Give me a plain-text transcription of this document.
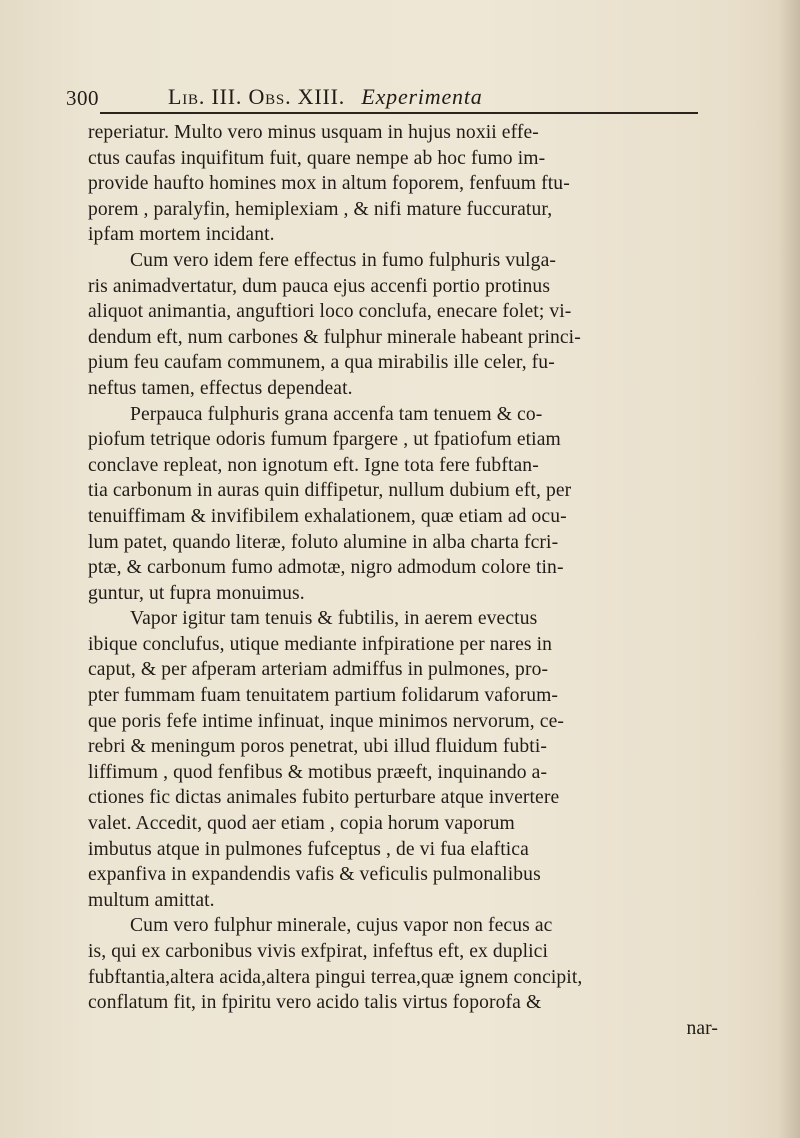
300	Lib. III. Obs. XIII. Experimenta
reperiatur. Multo vero minus usquam in hujus noxii effe-
ctus caufas inquifitum fuit, quare nempe ab hoc fumo im-
provide haufto homines mox in altum foporem, fenfuum ftu-
porem , paralyfin, hemiplexiam , & nifi mature fuccuratur,
ipfam mortem incidant.
Cum vero idem fere effectus in fumo fulphuris vulga-
ris animadvertatur, dum pauca ejus accenfi portio protinus
aliquot animantia, anguftiori loco conclufa, enecare folet; vi-
dendum eft, num carbones & fulphur minerale habeant princi-
pium feu caufam communem, a qua mirabilis ille celer, fu-
neftus tamen, effectus dependeat.
Perpauca fulphuris grana accenfa tam tenuem & co-
piofum tetrique odoris fumum fpargere , ut fpatiofum etiam
conclave repleat, non ignotum eft. Igne tota fere fubftan-
tia carbonum in auras quin diffipetur, nullum dubium eft, per
tenuiffimam & invifibilem exhalationem, quæ etiam ad ocu-
lum patet, quando literæ, foluto alumine in alba charta fcri-
ptæ, & carbonum fumo admotæ, nigro admodum colore tin-
guntur, ut fupra monuimus.
Vapor igitur tam tenuis & fubtilis, in aerem evectus
ibique conclufus, utique mediante infpiratione per nares in
caput, & per afperam arteriam admiffus in pulmones, pro-
pter fummam fuam tenuitatem partium folidarum vaforum-
que poris fefe intime infinuat, inque minimos nervorum, ce-
rebri & meningum poros penetrat, ubi illud fluidum fubti-
liffimum , quod fenfibus & motibus præeft, inquinando a-
ctiones fic dictas animales fubito perturbare atque invertere
valet. Accedit, quod aer etiam , copia horum vaporum
imbutus atque in pulmones fufceptus , de vi fua elaftica
expanfiva in expandendis vafis & veficulis pulmonalibus
multum amittat.
Cum vero fulphur minerale, cujus vapor non fecus ac
is, qui ex carbonibus vivis exfpirat, infeftus eft, ex duplici
fubftantia,altera acida,altera pingui terrea,quæ ignem concipit,
conflatum fit, in fpiritu vero acido talis virtus foporofa &
nar-
